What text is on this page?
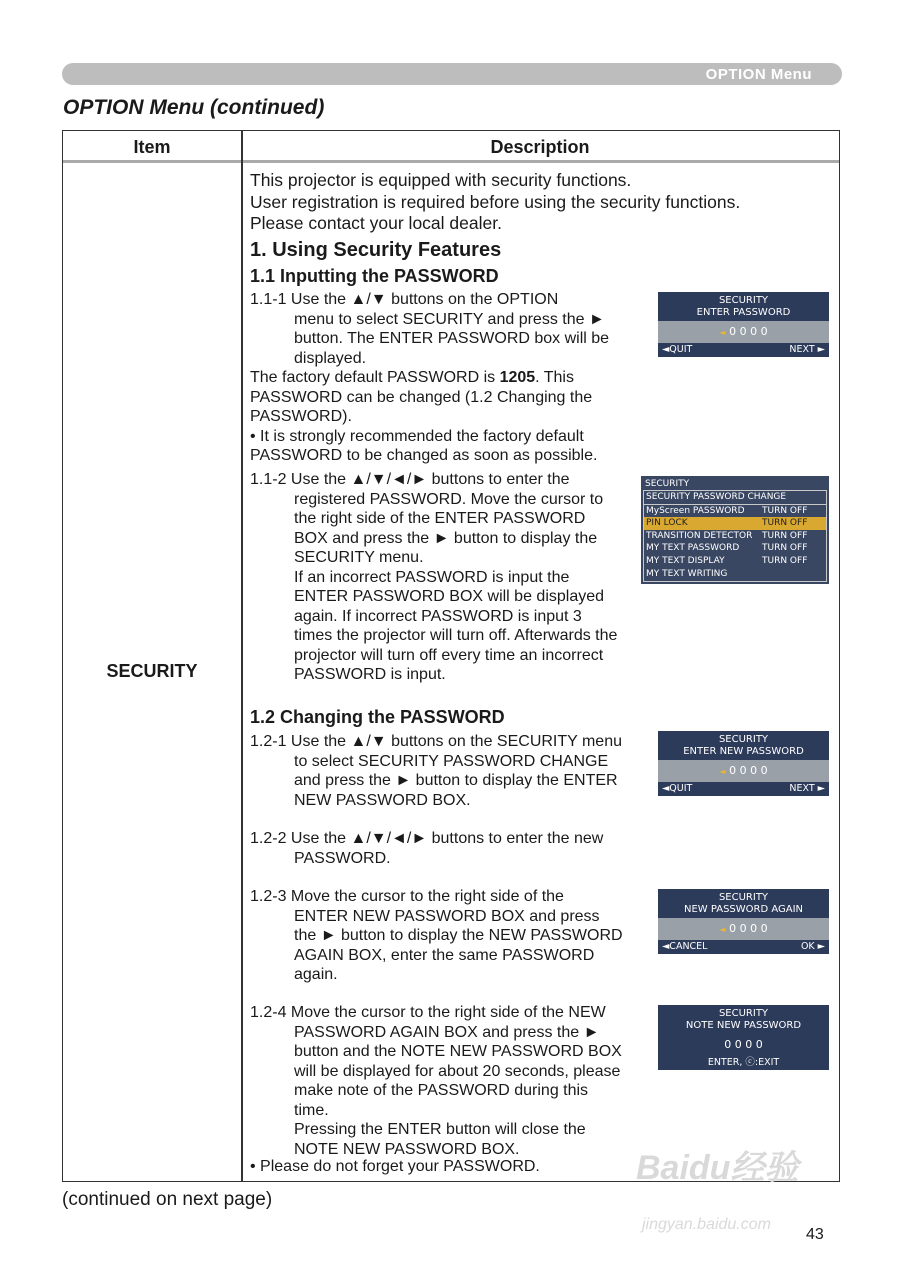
OPTION Menu
OPTION Menu (continued)
Item	Description
SECURITY

This projector is equipped with security functions.

User registration is required before using the security functions.

Please contact your local dealer.

1. Using Security Features
1.1 Inputting the PASSWORD
1.1-1 Use the ▲/▼ buttons on the OPTION
menu to select SECURITY and press the ►
button. The ENTER PASSWORD box will be
displayed.

The factory default PASSWORD is 1205. This

PASSWORD can be changed (1.2 Changing the

PASSWORD).

• It is strongly recommended the factory default

PASSWORD to be changed as soon as possible.

1.1-2 Use the ▲/▼/◄/► buttons to enter the
registered PASSWORD. Move the cursor to
the right side of the ENTER PASSWORD
BOX and press the ► button to display the
SECURITY menu.
If an incorrect PASSWORD is input the
ENTER PASSWORD BOX will be displayed
again. If incorrect PASSWORD is input 3
times the projector will turn off. Afterwards the
projector will turn off every time an incorrect
PASSWORD is input.
1.2 Changing the PASSWORD
1.2-1 Use the ▲/▼ buttons on the SECURITY menu
to select SECURITY PASSWORD CHANGE
and press the ► button to display the ENTER
NEW PASSWORD BOX.
1.2-2 Use the ▲/▼/◄/► buttons to enter the new
PASSWORD.
1.2-3 Move the cursor to the right side of the
ENTER NEW PASSWORD BOX and press
the ► button to display the NEW PASSWORD
AGAIN BOX, enter the same PASSWORD
again.
1.2-4 Move the cursor to the right side of the NEW
PASSWORD AGAIN BOX and press the ►
button and the NOTE NEW PASSWORD BOX
will be displayed for about 20 seconds, please
make note of the PASSWORD during this
time.
Pressing the ENTER button will close the
NOTE NEW PASSWORD BOX.
• Please do not forget your PASSWORD.
SECURITY
ENTER PASSWORD
◄ 0 0 0 0
◄QUIT	NEXT ►
SECURITY
SECURITY PASSWORD CHANGE
MyScreen PASSWORD TURN OFF
PIN LOCK	TURN OFF
TRANSITION DETECTOR TURN OFF
MY TEXT PASSWORD	TURN OFF
MY TEXT DISPLAY	TURN OFF
MY TEXT WRITING
SECURITY
ENTER NEW PASSWORD
◄ 0 0 0 0
◄QUIT	NEXT ►
SECURITY
NEW PASSWORD AGAIN
◄ 0 0 0 0
◄CANCEL	OK ►
SECURITY
NOTE NEW PASSWORD
0 0 0 0
ENTER, ⓒ:EXIT
(continued on next page)
Baidu经验
jingyan.baidu.com
43
